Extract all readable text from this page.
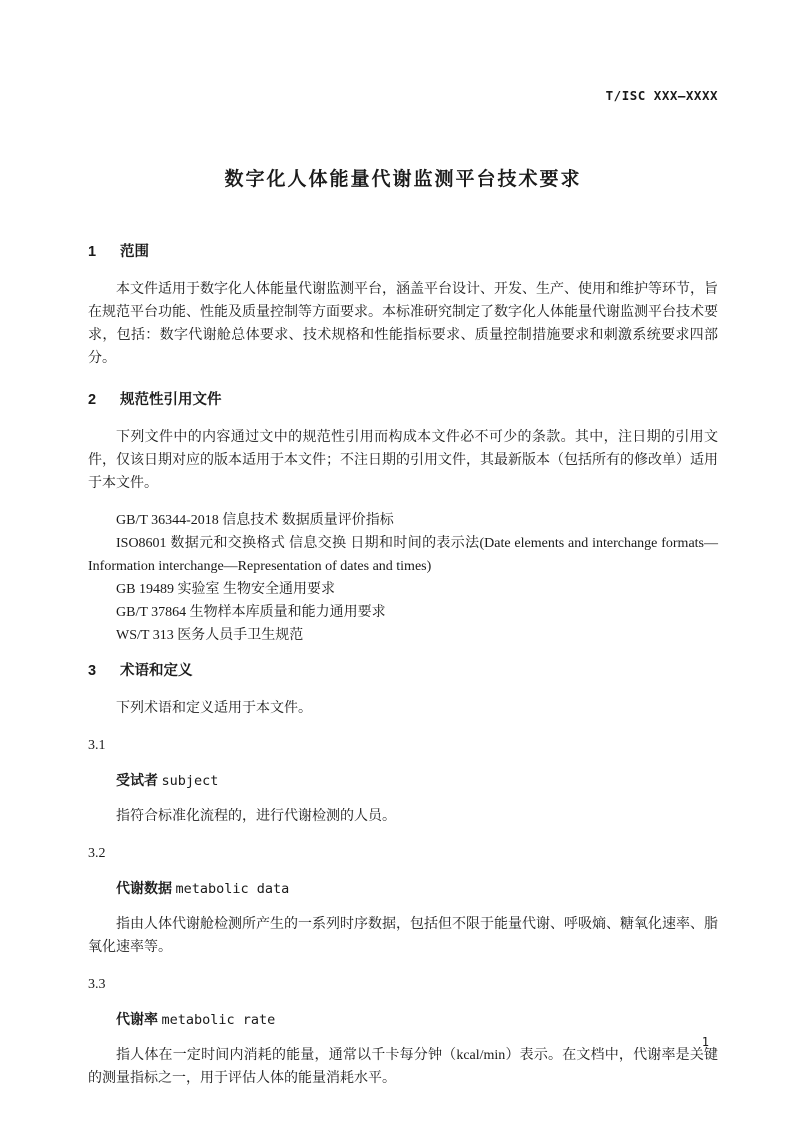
T/ISC XXX—XXXX
数字化人体能量代谢监测平台技术要求
1 范围

本文件适用于数字化人体能量代谢监测平台，涵盖平台设计、开发、生产、使用和维护等环节，旨在规范平台功能、性能及质量控制等方面要求。本标准研究制定了数字化人体能量代谢监测平台技术要求，包括：数字代谢舱总体要求、技术规格和性能指标要求、质量控制措施要求和刺激系统要求四部分。

2 规范性引用文件

下列文件中的内容通过文中的规范性引用而构成本文件必不可少的条款。其中，注日期的引用文件，仅该日期对应的版本适用于本文件；不注日期的引用文件，其最新版本（包括所有的修改单）适用于本文件。

GB/T 36344-2018 信息技术 数据质量评价指标
ISO8601 数据元和交换格式 信息交换 日期和时间的表示法(Date elements and interchange formats—Information interchange—Representation of dates and times)
GB 19489 实验室 生物安全通用要求
GB/T 37864 生物样本库质量和能力通用要求
WS/T 313 医务人员手卫生规范
3 术语和定义

下列术语和定义适用于本文件。

3.1
受试者 subject

指符合标准化流程的，进行代谢检测的人员。

3.2
代谢数据 metabolic data

指由人体代谢舱检测所产生的一系列时序数据，包括但不限于能量代谢、呼吸熵、糖氧化速率、脂氧化速率等。

3.3
代谢率 metabolic rate

指人体在一定时间内消耗的能量，通常以千卡每分钟（kcal/min）表示。在文档中，代谢率是关键的测量指标之一，用于评估人体的能量消耗水平。

1
